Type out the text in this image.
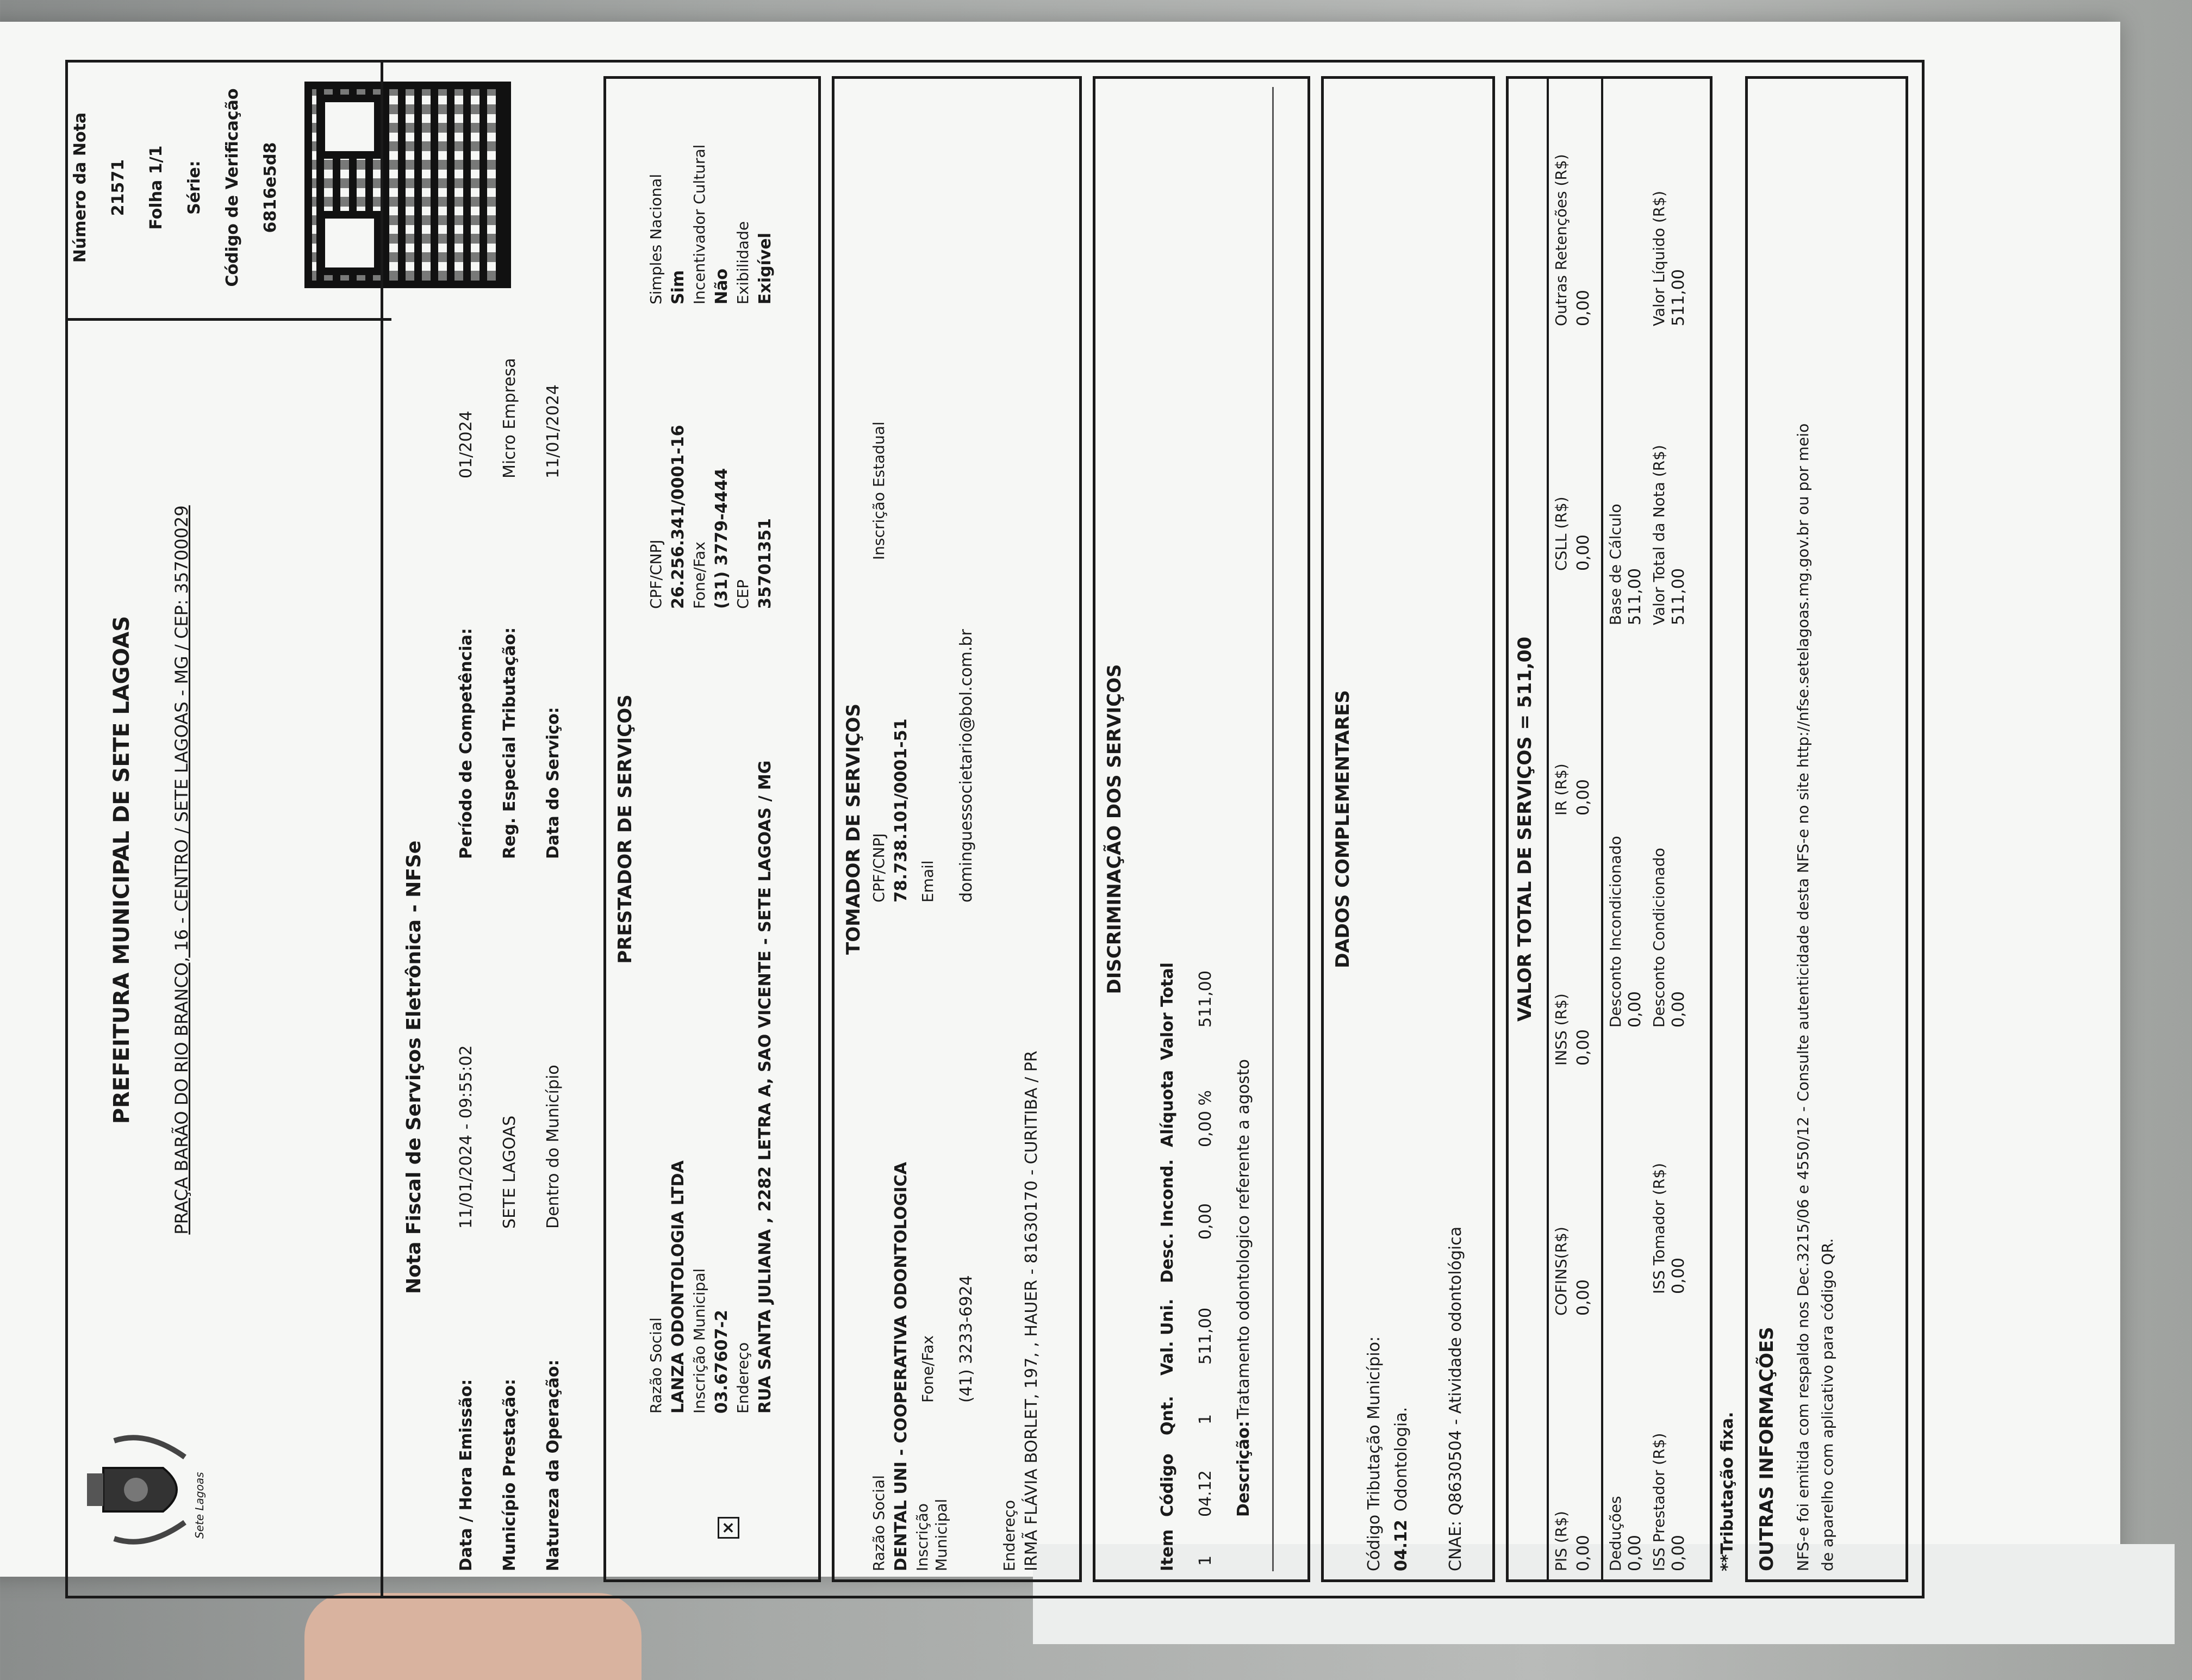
Sete Lagoas
PREFEITURA MUNICIPAL DE SETE LAGOAS PRAÇA BARÃO DO RIO BRANCO, 16 - CENTRO / SETE LAGOAS - MG / CEP: 35700029
Número da Nota 21571 Folha 1/1 Série: Código de Verificação 6816e5d8
Nota Fiscal de Serviços Eletrônica - NFSe
Data / Hora Emissão:
11/01/2024 - 09:55:02
Município Prestação:
SETE LAGOAS
Natureza da Operação:
Dentro do Município
Período de Competência:
01/2024
Reg. Especial Tributação:
Micro Empresa
Data do Serviço:
11/01/2024
PRESTADOR DE SERVIÇOS
×
Razão Social LANZA ODONTOLOGIA LTDA Inscrição Municipal 03.67607-2 Endereço RUA SANTA JULIANA , 2282 LETRA A, SAO VICENTE - SETE LAGOAS / MG
CPF/CNPJ 26.256.341/0001-16 Fone/Fax (31) 3779-4444 CEP 35701351
Simples Nacional Sim Incentivador Cultural Não Exibilidade Exigível
TOMADOR DE SERVIÇOS
Razão Social DENTAL UNI - COOPERATIVA ODONTOLOGICA Inscrição Municipal
Fone/Fax (41) 3233-6924
CPF/CNPJ 78.738.101/0001-51 Email dominguessocietario@bol.com.br
Inscrição Estadual
Endereço IRMÃ FLÁVIA BORLET, 197, , HAUER - 81630170 - CURITIBA / PR
DISCRIMINAÇÃO DOS SERVIÇOS
Item
Código
Qnt.
Val. Uni.
Desc. Incond.
Alíquota
Valor Total
1
04.12
1
511,00
0,00
0,00 %
511,00
Descrição:
Tratamento odontologico referente a agosto
DADOS COMPLEMENTARES
Código Tributação Município: 04.12
Odontologia. CNAE: Q8630504 - Atividade odontológica
VALOR TOTAL DE SERVIÇOS = 511,00
PIS (R$) 0,00
COFINS(R$) 0,00
INSS (R$) 0,00
IR (R$) 0,00
CSLL (R$) 0,00
Outras Retenções (R$) 0,00
Deduções 0,00
Desconto Incondicionado 0,00
Base de Cálculo 511,00
ISS Prestador (R$) 0,00
ISS Tomador (R$) 0,00
Desconto Condicionado 0,00
Valor Total da Nota (R$) 511,00
Valor Líquido (R$) 511,00
**Tributação fixa. OUTRAS INFORMAÇÕES NFS-e foi emitida com respaldo nos Dec.3215/06 e 4550/12 - Consulte autenticidade desta NFS-e no site http://nfse.setelagoas.mg.gov.br ou por meio de aparelho com aplicativo para código QR.
